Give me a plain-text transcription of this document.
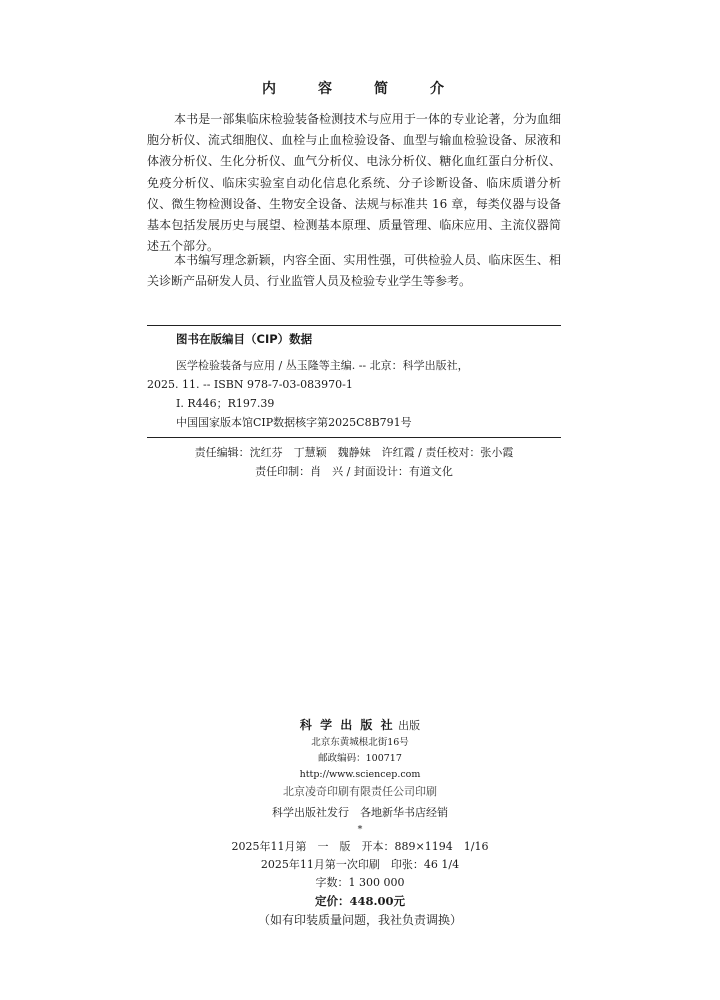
内　容　简　介
本书是一部集临床检验装备检测技术与应用于一体的专业论著，分为血细胞分析仪、流式细胞仪、血栓与止血检验设备、血型与输血检验设备、尿液和体液分析仪、生化分析仪、血气分析仪、电泳分析仪、糖化血红蛋白分析仪、免疫分析仪、临床实验室自动化信息化系统、分子诊断设备、临床质谱分析仪、微生物检测设备、生物安全设备、法规与标准共 16 章，每类仪器与设备基本包括发展历史与展望、检测基本原理、质量管理、临床应用、主流仪器简述五个部分。
本书编写理念新颖，内容全面、实用性强，可供检验人员、临床医生、相关诊断产品研发人员、行业监管人员及检验专业学生等参考。
图书在版编目（CIP）数据
医学检验装备与应用 / 丛玉隆等主编. -- 北京：科学出版社，
2025. 11. -- ISBN 978-7-03-083970-1
Ⅰ. R446；R197.39
中国国家版本馆CIP数据核字第2025C8B791号
责任编辑：沈红芬　丁慧颖　魏静妹　许红霞 / 责任校对：张小霞
责任印制：肖　兴 / 封面设计：有道文化
科 学 出 版 社 出版
北京东黄城根北街16号
邮政编码：100717
http://www.sciencep.com
北京凌奇印刷有限责任公司印刷
科学出版社发行　各地新华书店经销
*
2025年11月第　一　版　开本：889×1194　1/16
2025年11月第一次印刷　印张：46 1/4
字数：1 300 000
定价：448.00元
（如有印装质量问题，我社负责调换）
